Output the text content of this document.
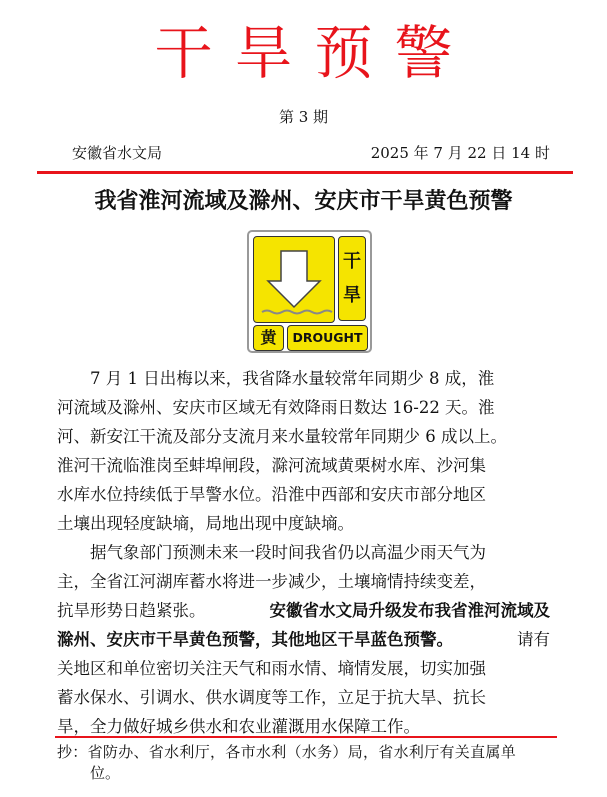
干旱预警
第 3 期
安徽省水文局	2025 年 7 月 22 日 14 时
我省淮河流域及滁州、安庆市干旱黄色预警
干
旱
黄	DROUGHT
　　7 月 1 日出梅以来，我省降水量较常年同期少 8 成，淮
河流域及滁州、安庆市区域无有效降雨日数达 16-22 天。淮
河、新安江干流及部分支流月来水量较常年同期少 6 成以上。
淮河干流临淮岗至蚌埠闸段，滁河流域黄栗树水库、沙河集
水库水位持续低于旱警水位。沿淮中西部和安庆市部分地区
土壤出现轻度缺墒，局地出现中度缺墒。
　　据气象部门预测未来一段时间我省仍以高温少雨天气为
主，全省江河湖库蓄水将进一步减少，土壤墒情持续变差，
抗旱形势日趋紧张。	安徽省水文局升级发布我省淮河流域及
滁州、安庆市干旱黄色预警，其他地区干旱蓝色预警。	请有
关地区和单位密切关注天气和雨水情、墒情发展，切实加强
蓄水保水、引调水、供水调度等工作，立足于抗大旱、抗长
旱，全力做好城乡供水和农业灌溉用水保障工作。
抄：省防办、省水利厅，各市水利（水务）局，省水利厅有关直属单
位。
